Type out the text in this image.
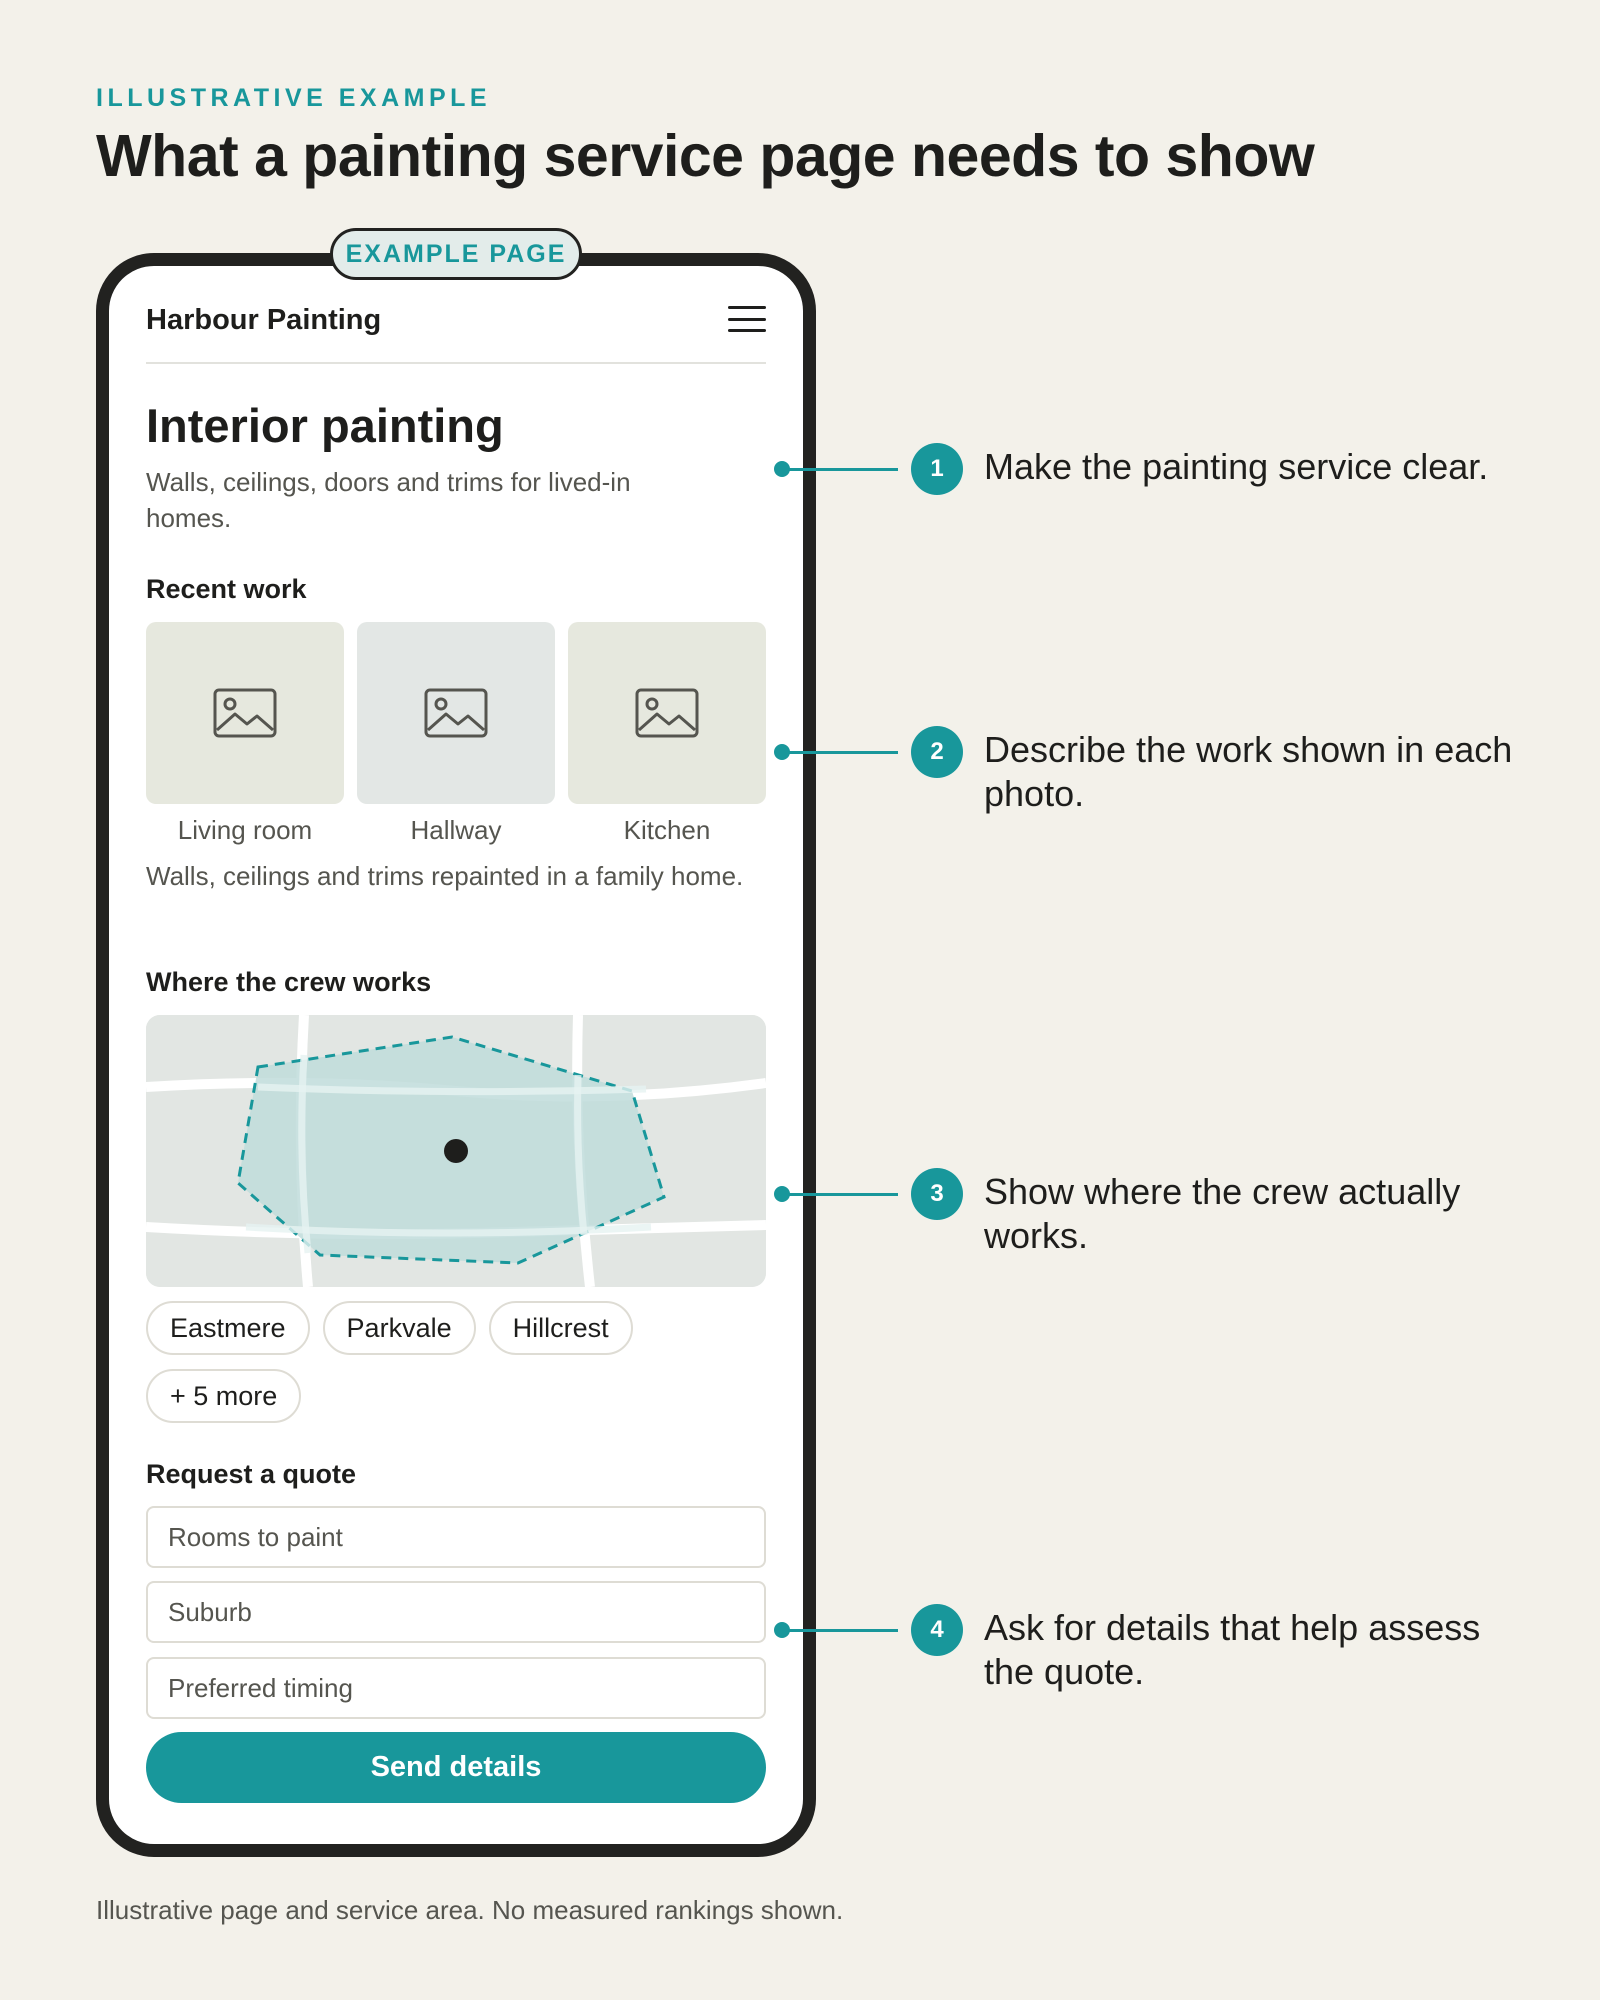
ILLUSTRATIVE EXAMPLE
What a painting service page needs to show
EXAMPLE PAGE
Harbour Painting
Interior painting

Walls, ceilings, doors and trims for lived-in homes.

Recent work
Living room	Hallway	Kitchen

Walls, ceilings and trims repainted in a family home.

Where the crew works
Eastmere	Parkvale	Hillcrest
+ 5 more
Request a quote
Rooms to paint
Suburb
Preferred timing
Send details
1	Make the painting service clear.
2	Describe the work shown in each photo.
3	Show where the crew actually works.
4	Ask for details that help assess the quote.

Illustrative page and service area. No measured rankings shown.
